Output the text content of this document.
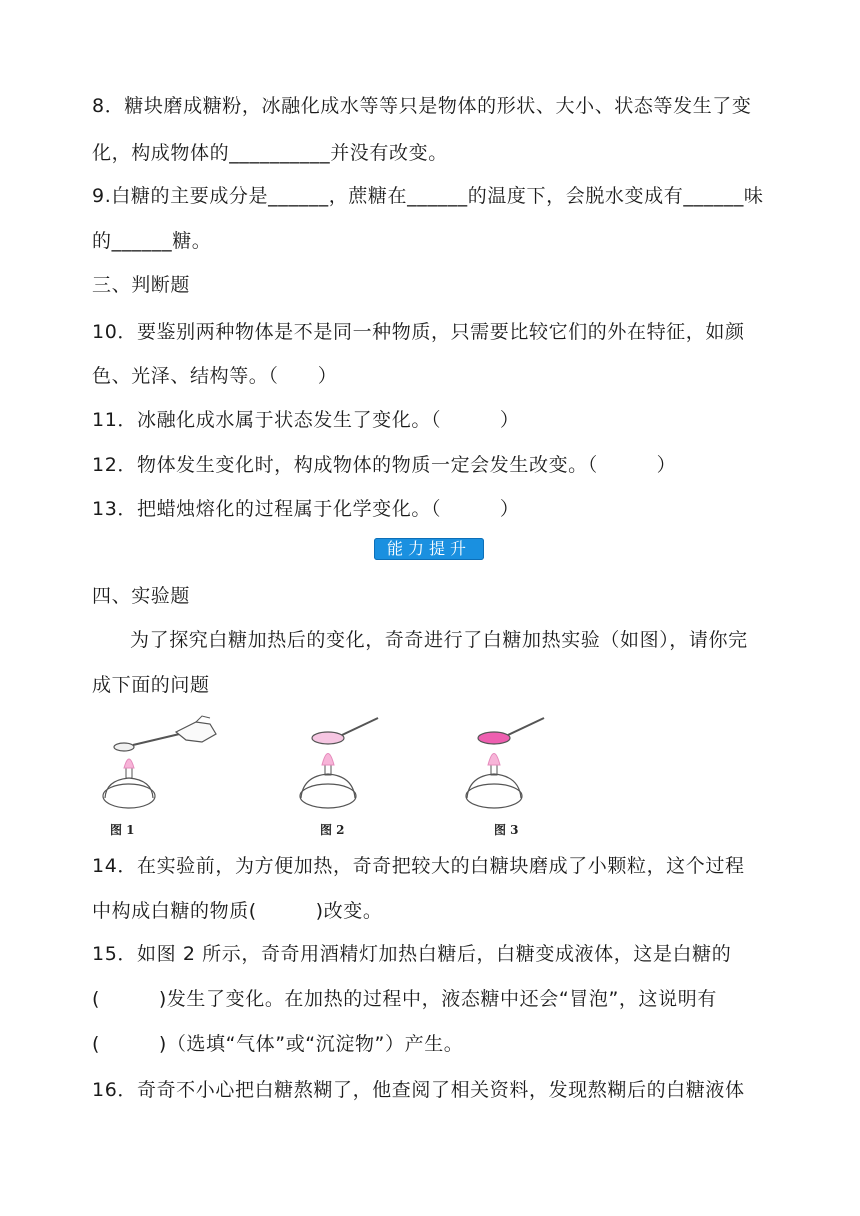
8．糖块磨成糖粉，冰融化成水等等只是物体的形状、大小、状态等发生了变
化，构成物体的__________并没有改变。
9.白糖的主要成分是______，蔗糖在______的温度下，会脱水变成有______味
的______糖。
三、判断题
10．要鉴别两种物体是不是同一种物质，只需要比较它们的外在特征，如颜
色、光泽、结构等。（　　）
11．冰融化成水属于状态发生了变化。（　　　）
12．物体发生变化时，构成物体的物质一定会发生改变。（　　　）
13．把蜡烛熔化的过程属于化学变化。（　　　）
能力提升
四、实验题
为了探究白糖加热后的变化，奇奇进行了白糖加热实验（如图），请你完
成下面的问题
图 1	图 2	图 3
14．在实验前，为方便加热，奇奇把较大的白糖块磨成了小颗粒，这个过程
中构成白糖的物质(　　　)改变。
15．如图 2 所示，奇奇用酒精灯加热白糖后，白糖变成液体，这是白糖的
(　　　)发生了变化。在加热的过程中，液态糖中还会“冒泡”，这说明有
(　　　)（选填“气体”或“沉淀物”）产生。
16．奇奇不小心把白糖熬糊了，他查阅了相关资料，发现熬糊后的白糖液体
